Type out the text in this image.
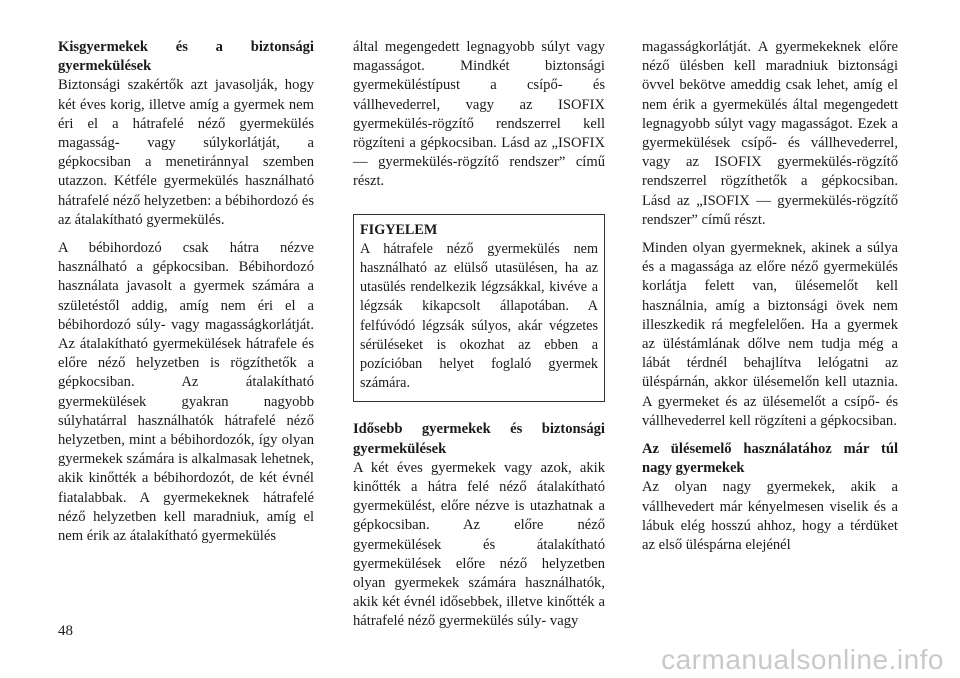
Kisgyermekek és a biztonsági gyermekülések

Biztonsági szakértők azt javasolják, hogy két éves korig, illetve amíg a gyermek nem éri el a hátrafelé néző gyermekülés magasság- vagy súlykorlátját, a gépkocsiban a menetiránnyal szemben utazzon. Kétféle gyermekülés használható hátrafelé néző helyzetben: a bébihordozó és az átalakítható gyermekülés.

A bébihordozó csak hátra nézve használható a gépkocsiban. Bébihordozó használata javasolt a gyermek számára a születéstől addig, amíg nem éri el a bébihordozó súly- vagy magasságkorlátját. Az átalakítható gyermekülések hátrafele és előre néző helyzetben is rögzíthetők a gépkocsiban. Az átalakítható gyermekülések gyakran nagyobb súlyhatárral használhatók hátrafelé néző helyzetben, mint a bébihordozók, így olyan gyermekek számára is alkalmasak lehetnek, akik kinőtték a bébihordozót, de két évnél fiatalabbak. A gyermekeknek hátrafelé néző helyzetben kell maradniuk, amíg el nem érik az átalakítható gyermekülés

által megengedett legnagyobb súlyt vagy magasságot. Mindkét biztonsági gyermeküléstípust a csípő- és vállhevederrel, vagy az ISOFIX gyermekülés-rögzítő rendszerrel kell rögzíteni a gépkocsiban. Lásd az „ISOFIX — gyermekülés-rögzítő rendszer” című részt.

FIGYELEM
A hátrafele néző gyermekülés nem használható az elülső utasülésen, ha az utasülés rendelkezik légzsákkal, kivéve a légzsák kikapcsolt állapotában. A felfúvódó légzsák súlyos, akár végzetes sérüléseket is okozhat az ebben a pozícióban helyet foglaló gyermek számára.

Idősebb gyermekek és biztonsági gyermekülések

A két éves gyermekek vagy azok, akik kinőtték a hátra felé néző átalakítható gyermekülést, előre nézve is utazhatnak a gépkocsiban. Az előre néző gyermekülések és átalakítható gyermekülések előre néző helyzetben olyan gyermekek számára használhatók, akik két évnél idősebbek, illetve kinőtték a hátrafelé néző gyermekülés súly- vagy

magasságkorlátját. A gyermekeknek előre néző ülésben kell maradniuk biztonsági övvel bekötve ameddig csak lehet, amíg el nem érik a gyermekülés által megengedett legnagyobb súlyt vagy magasságot. Ezek a gyermekülések csípő- és vállhevederrel, vagy az ISOFIX gyermekülés-rögzítő rendszerrel rögzíthetők a gépkocsiban. Lásd az „ISOFIX — gyermekülés-rögzítő rendszer” című részt.

Minden olyan gyermeknek, akinek a súlya és a magassága az előre néző gyermekülés korlátja felett van, ülésemelőt kell használnia, amíg a biztonsági övek nem illeszkedik rá megfelelően. Ha a gyermek az üléstámlának dőlve nem tudja még a lábát térdnél behajlítva lelógatni az üléspárnán, akkor ülésemelőn kell utaznia. A gyermeket és az ülésemelőt a csípő- és vállhevederrel kell rögzíteni a gépkocsiban.

Az ülésemelő használatához már túl nagy gyermekek

Az olyan nagy gyermekek, akik a vállhevedert már kényelmesen viselik és a lábuk elég hosszú ahhoz, hogy a térdüket az első üléspárna elejénél

48
carmanualsonline.info
